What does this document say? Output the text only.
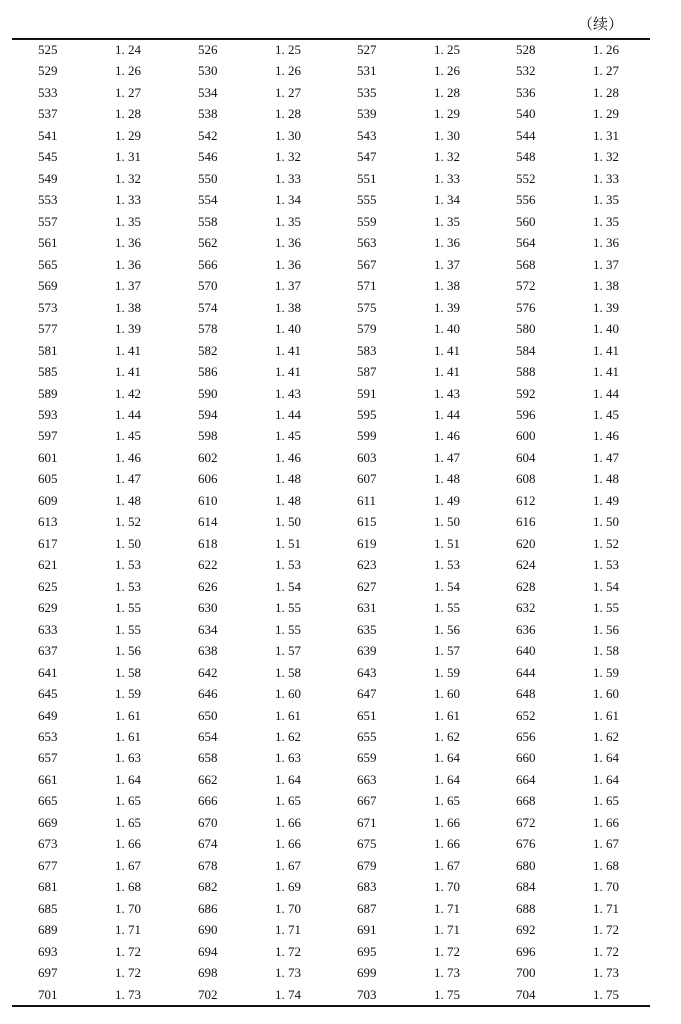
（续）
525	1. 24	526	1. 25	527	1. 25	528	1. 26
529	1. 26	530	1. 26	531	1. 26	532	1. 27
533	1. 27	534	1. 27	535	1. 28	536	1. 28
537	1. 28	538	1. 28	539	1. 29	540	1. 29
541	1. 29	542	1. 30	543	1. 30	544	1. 31
545	1. 31	546	1. 32	547	1. 32	548	1. 32
549	1. 32	550	1. 33	551	1. 33	552	1. 33
553	1. 33	554	1. 34	555	1. 34	556	1. 35
557	1. 35	558	1. 35	559	1. 35	560	1. 35
561	1. 36	562	1. 36	563	1. 36	564	1. 36
565	1. 36	566	1. 36	567	1. 37	568	1. 37
569	1. 37	570	1. 37	571	1. 38	572	1. 38
573	1. 38	574	1. 38	575	1. 39	576	1. 39
577	1. 39	578	1. 40	579	1. 40	580	1. 40
581	1. 41	582	1. 41	583	1. 41	584	1. 41
585	1. 41	586	1. 41	587	1. 41	588	1. 41
589	1. 42	590	1. 43	591	1. 43	592	1. 44
593	1. 44	594	1. 44	595	1. 44	596	1. 45
597	1. 45	598	1. 45	599	1. 46	600	1. 46
601	1. 46	602	1. 46	603	1. 47	604	1. 47
605	1. 47	606	1. 48	607	1. 48	608	1. 48
609	1. 48	610	1. 48	611	1. 49	612	1. 49
613	1. 52	614	1. 50	615	1. 50	616	1. 50
617	1. 50	618	1. 51	619	1. 51	620	1. 52
621	1. 53	622	1. 53	623	1. 53	624	1. 53
625	1. 53	626	1. 54	627	1. 54	628	1. 54
629	1. 55	630	1. 55	631	1. 55	632	1. 55
633	1. 55	634	1. 55	635	1. 56	636	1. 56
637	1. 56	638	1. 57	639	1. 57	640	1. 58
641	1. 58	642	1. 58	643	1. 59	644	1. 59
645	1. 59	646	1. 60	647	1. 60	648	1. 60
649	1. 61	650	1. 61	651	1. 61	652	1. 61
653	1. 61	654	1. 62	655	1. 62	656	1. 62
657	1. 63	658	1. 63	659	1. 64	660	1. 64
661	1. 64	662	1. 64	663	1. 64	664	1. 64
665	1. 65	666	1. 65	667	1. 65	668	1. 65
669	1. 65	670	1. 66	671	1. 66	672	1. 66
673	1. 66	674	1. 66	675	1. 66	676	1. 67
677	1. 67	678	1. 67	679	1. 67	680	1. 68
681	1. 68	682	1. 69	683	1. 70	684	1. 70
685	1. 70	686	1. 70	687	1. 71	688	1. 71
689	1. 71	690	1. 71	691	1. 71	692	1. 72
693	1. 72	694	1. 72	695	1. 72	696	1. 72
697	1. 72	698	1. 73	699	1. 73	700	1. 73
701	1. 73	702	1. 74	703	1. 75	704	1. 75
